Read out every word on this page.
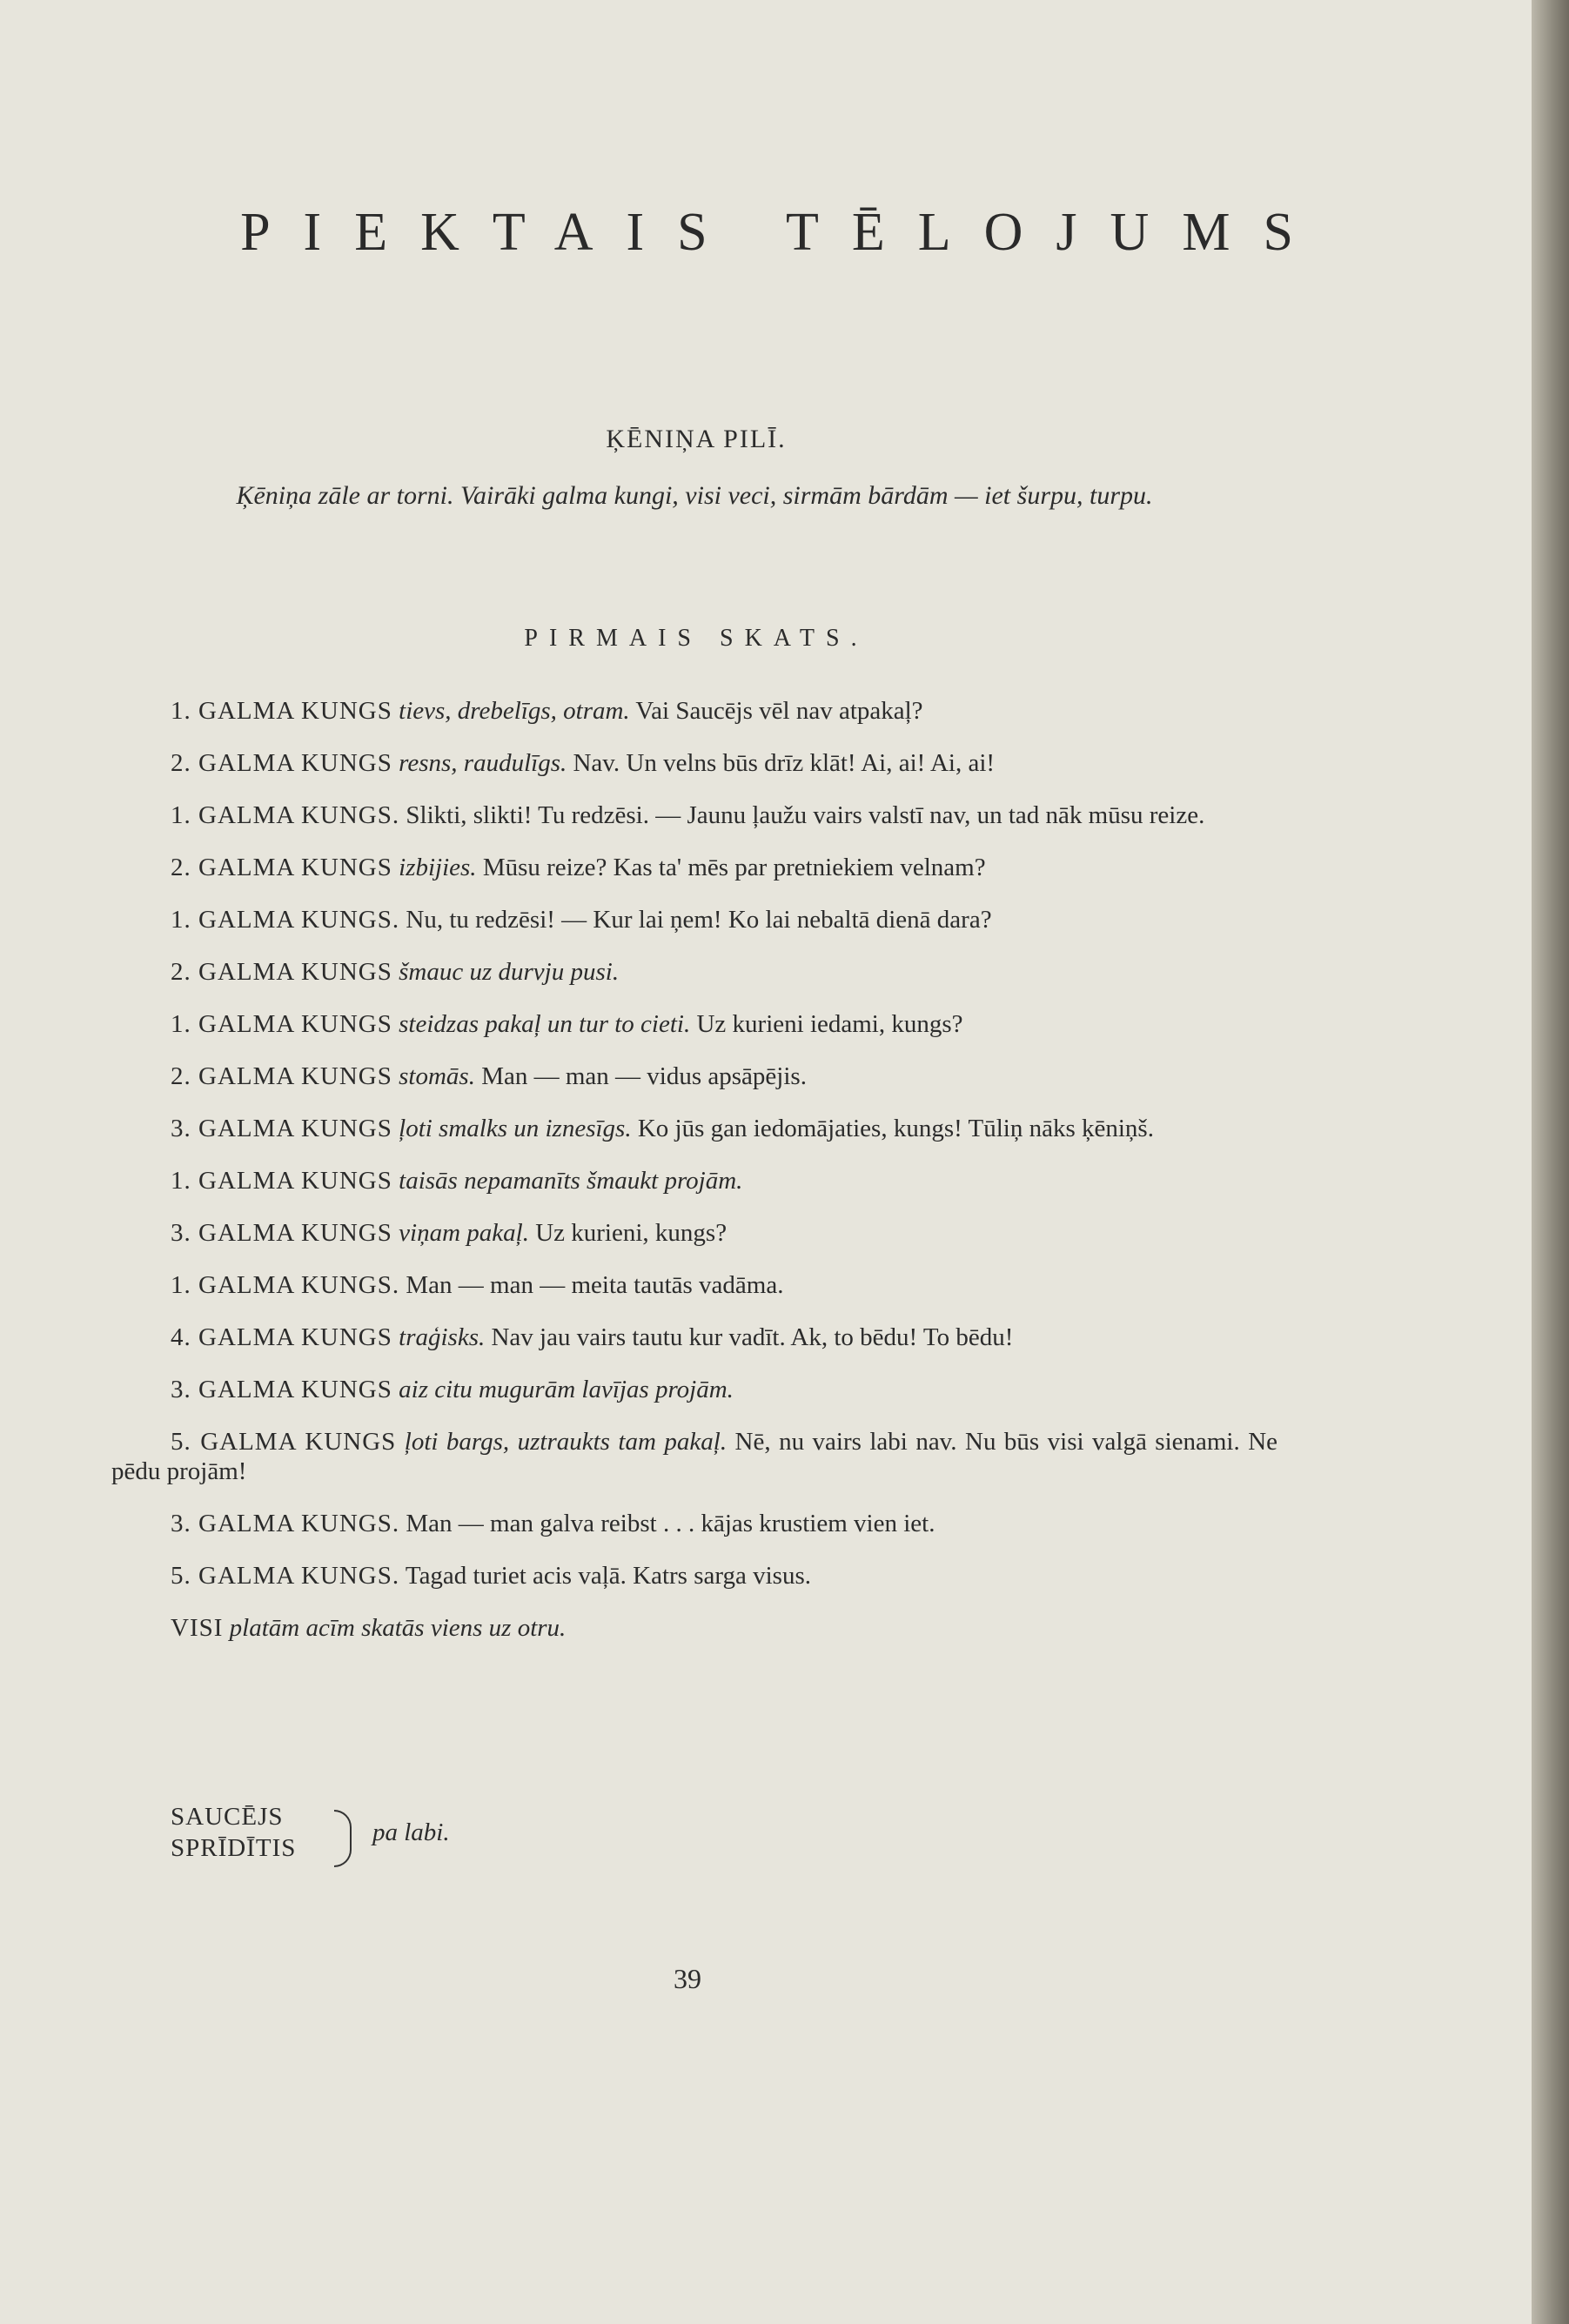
PIEKTAIS TĒLOJUMS
ĶĒNIŅA PILĪ.
Ķēniņa zāle ar torni. Vairāki galma kungi, visi veci, sirmām bārdām — iet šurpu, turpu.
PIRMAIS SKATS.

1. GALMA KUNGS tievs, drebelīgs, otram. Vai Saucējs vēl nav atpakaļ?

2. GALMA KUNGS resns, raudulīgs. Nav. Un velns būs drīz klāt! Ai, ai! Ai, ai!

1. GALMA KUNGS. Slikti, slikti! Tu redzēsi. — Jaunu ļaužu vairs valstī nav, un tad nāk mūsu reize.

2. GALMA KUNGS izbijies. Mūsu reize? Kas ta' mēs par pretniekiem velnam?

1. GALMA KUNGS. Nu, tu redzēsi! — Kur lai ņem! Ko lai nebaltā dienā dara?

2. GALMA KUNGS šmauc uz durvju pusi.

1. GALMA KUNGS steidzas pakaļ un tur to cieti. Uz kurieni iedami, kungs?

2. GALMA KUNGS stomās. Man — man — vidus apsāpējis.

3. GALMA KUNGS ļoti smalks un iznesīgs. Ko jūs gan iedomājaties, kungs! Tūliņ nāks ķēniņš.

1. GALMA KUNGS taisās nepamanīts šmaukt projām.

3. GALMA KUNGS viņam pakaļ. Uz kurieni, kungs?

1. GALMA KUNGS. Man — man — meita tautās vadāma.

4. GALMA KUNGS traģisks. Nav jau vairs tautu kur vadīt. Ak, to bēdu! To bēdu!

3. GALMA KUNGS aiz citu mugurām lavījas projām.

5. GALMA KUNGS ļoti bargs, uztraukts tam pakaļ. Nē, nu vairs labi nav. Nu būs visi valgā sienami. Ne pēdu projām!

3. GALMA KUNGS. Man — man galva reibst . . . kājas krustiem vien iet.

5. GALMA KUNGS. Tagad turiet acis vaļā. Katrs sarga visus.

VISI platām acīm skatās viens uz otru.

SAUCĒJS
SPRĪDĪTIS
pa labi.
39
